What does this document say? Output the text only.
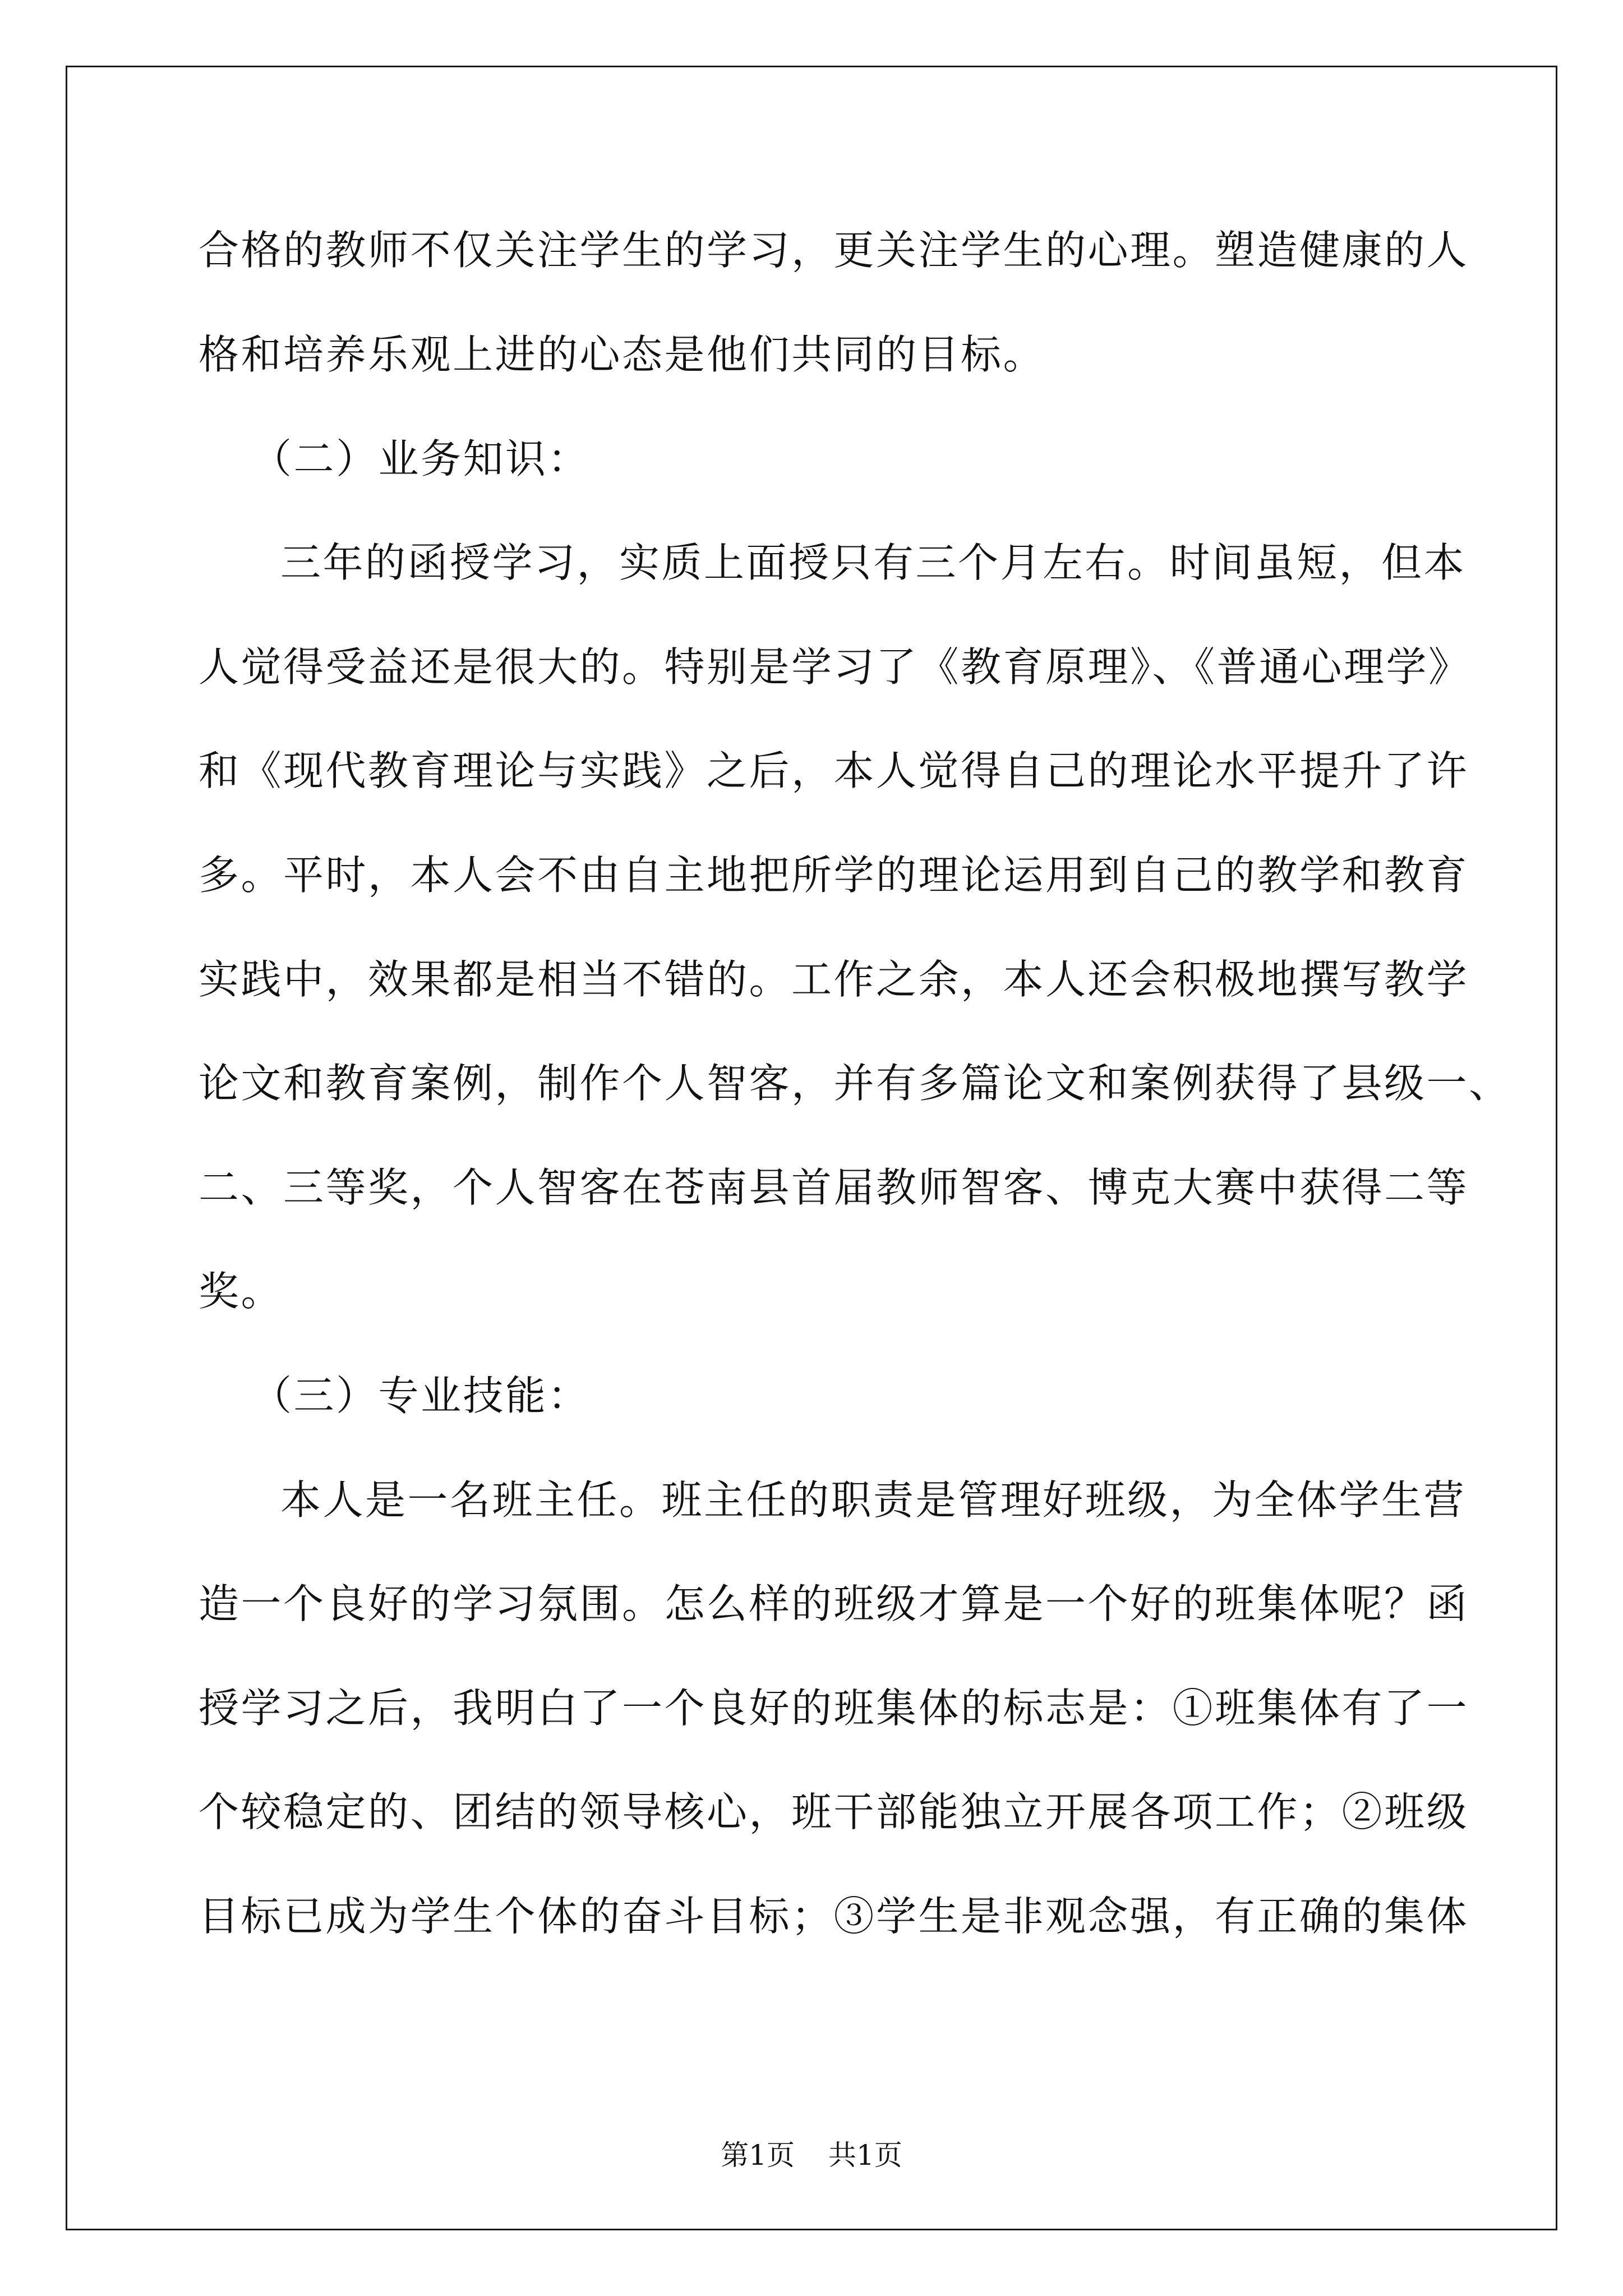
合格的教师不仅关注学生的学习，更关注学生的心理。塑造健康的人
格和培养乐观上进的心态是他们共同的目标。
（二）业务知识：
三年的函授学习，实质上面授只有三个月左右。时间虽短，但本
人觉得受益还是很大的。特别是学习了《教育原理》、《普通心理学》
和《现代教育理论与实践》之后，本人觉得自己的理论水平提升了许
多。平时，本人会不由自主地把所学的理论运用到自己的教学和教育
实践中，效果都是相当不错的。工作之余，本人还会积极地撰写教学
论文和教育案例，制作个人智客，并有多篇论文和案例获得了县级一、
二、三等奖，个人智客在苍南县首届教师智客、博克大赛中获得二等
奖。
（三）专业技能：
本人是一名班主任。班主任的职责是管理好班级，为全体学生营
造一个良好的学习氛围。怎么样的班级才算是一个好的班集体呢？函
授学习之后，我明白了一个良好的班集体的标志是：①班集体有了一
个较稳定的、团结的领导核心，班干部能独立开展各项工作；②班级
目标已成为学生个体的奋斗目标；③学生是非观念强，有正确的集体
第1页 共1页
